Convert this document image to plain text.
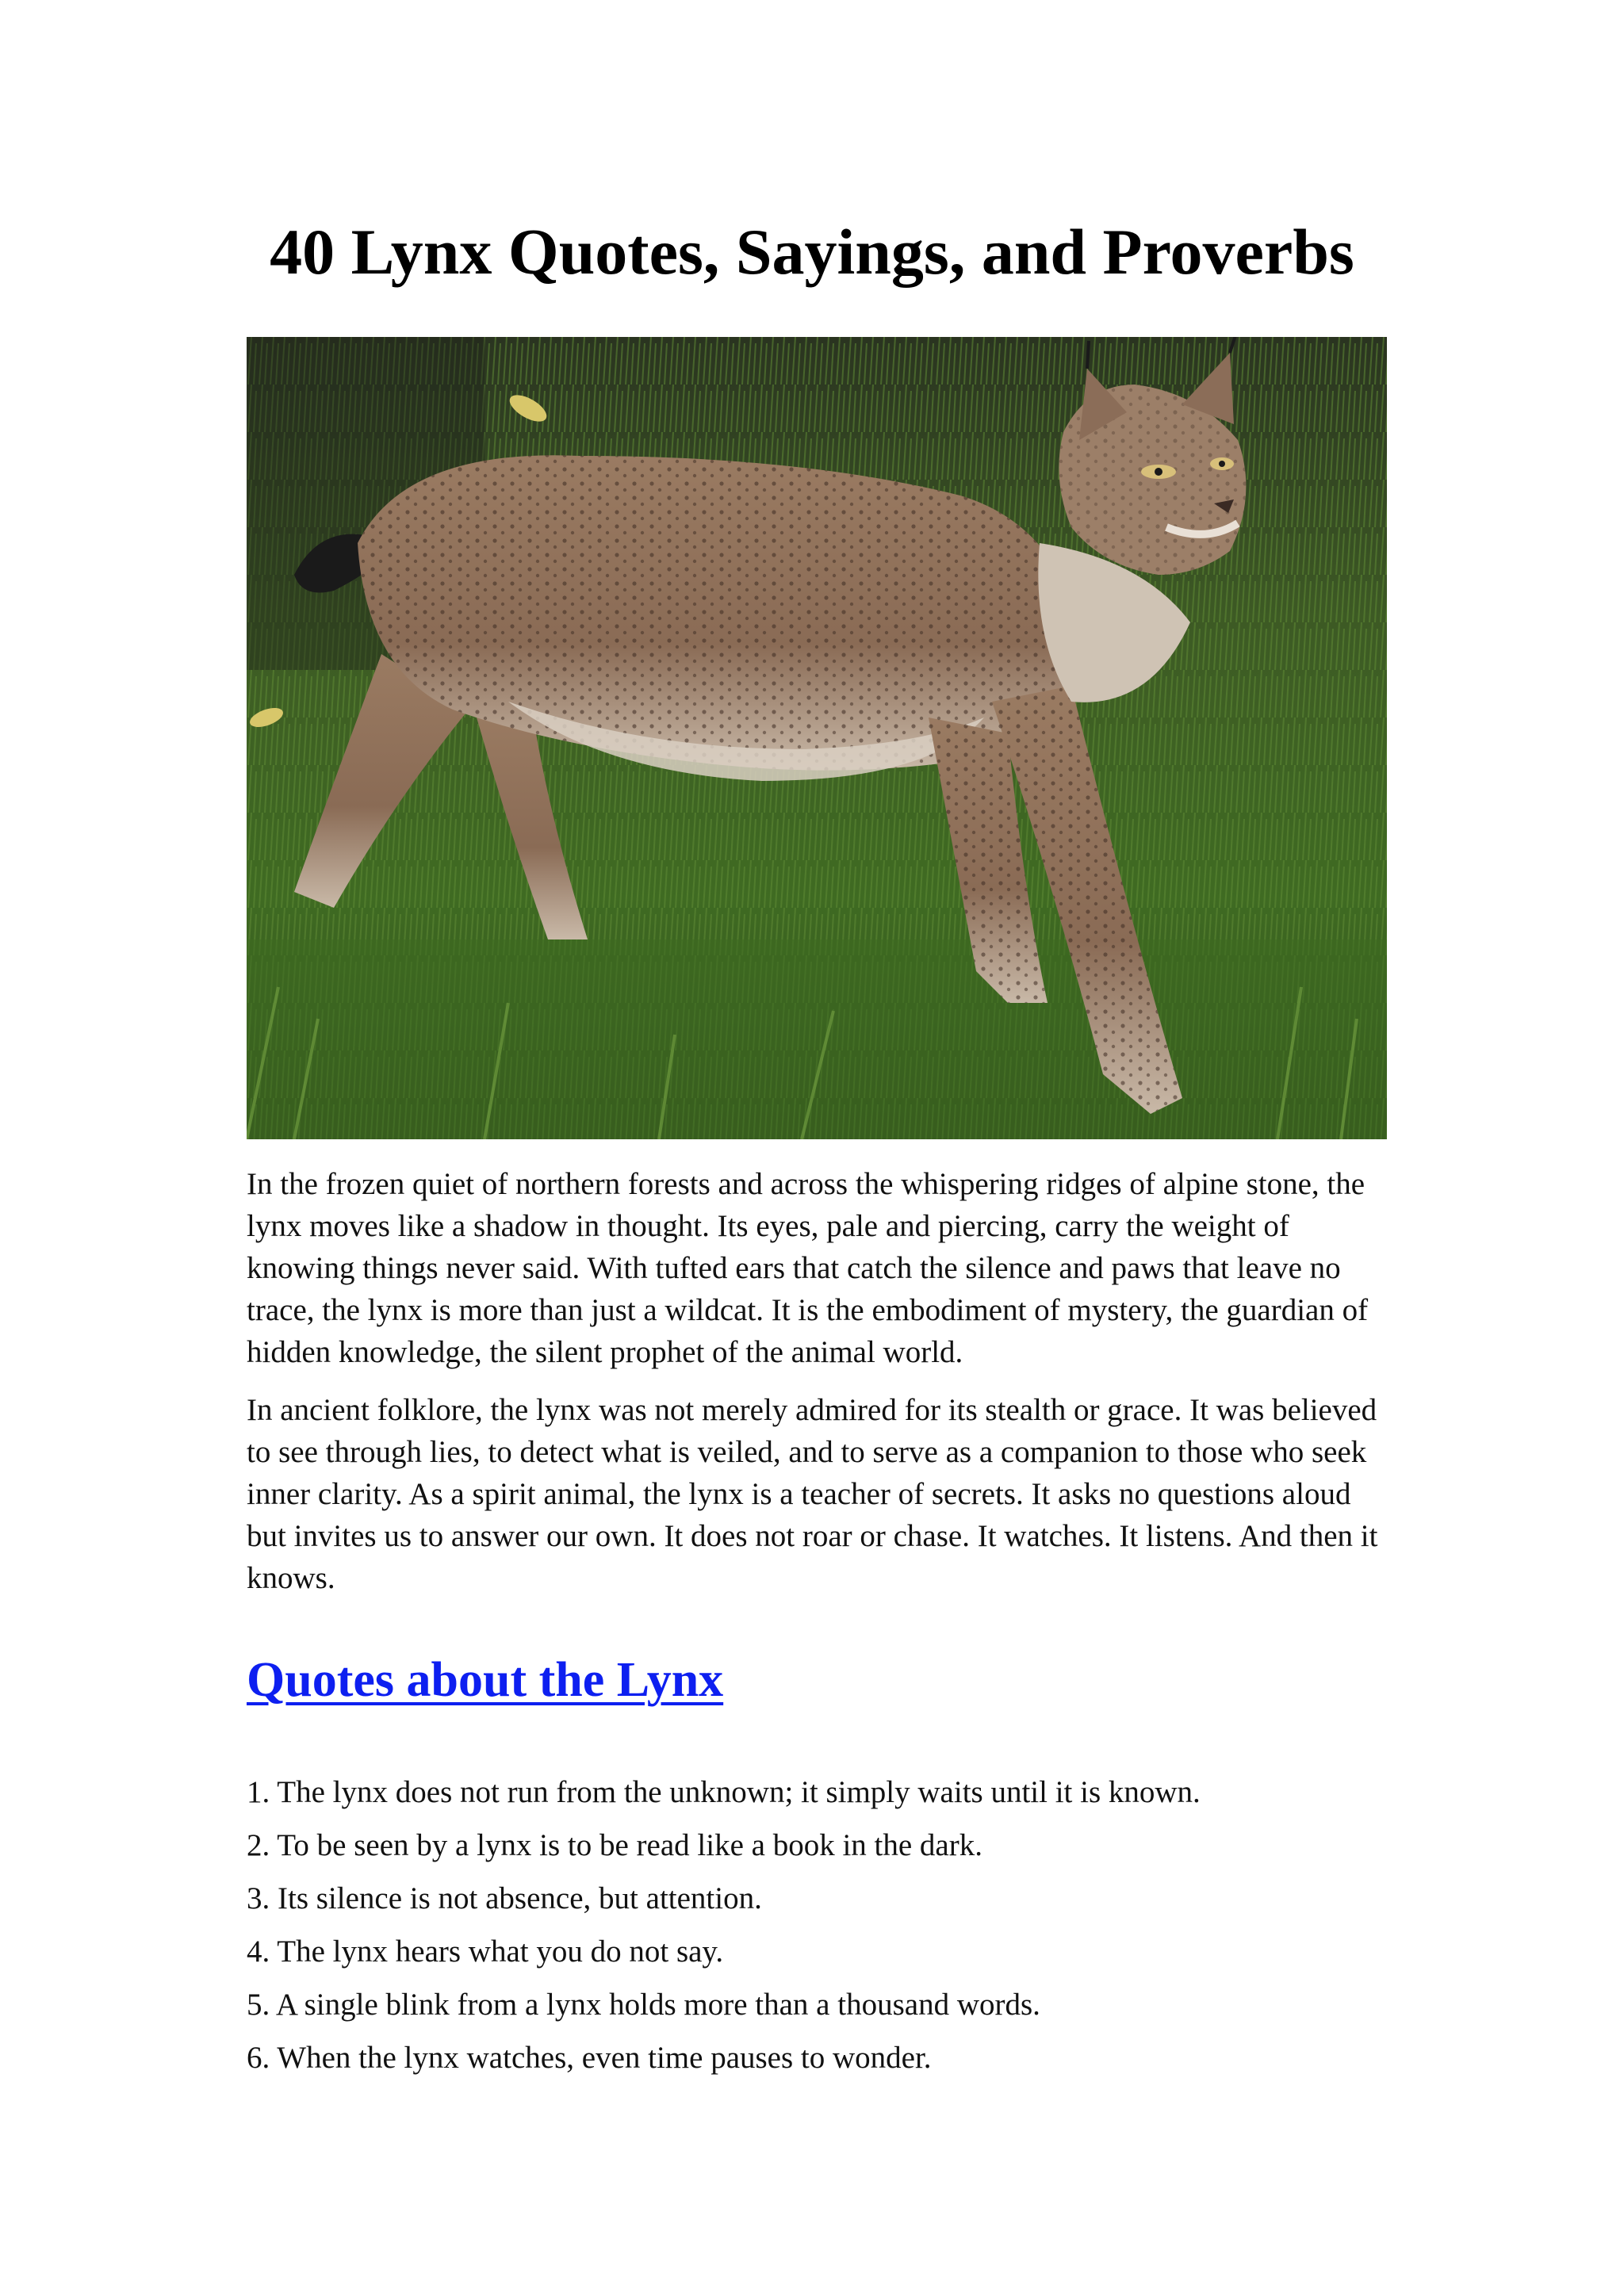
40 Lynx Quotes, Sayings, and Proverbs

In the frozen quiet of northern forests and across the whispering ridges of alpine stone, the lynx moves like a shadow in thought. Its eyes, pale and piercing, carry the weight of knowing things never said. With tufted ears that catch the silence and paws that leave no trace, the lynx is more than just a wildcat. It is the embodiment of mystery, the guardian of hidden knowledge, the silent prophet of the animal world.

In ancient folklore, the lynx was not merely admired for its stealth or grace. It was believed to see through lies, to detect what is veiled, and to serve as a companion to those who seek inner clarity. As a spirit animal, the lynx is a teacher of secrets. It asks no questions aloud but invites us to answer our own. It does not roar or chase. It watches. It listens. And then it knows.

Quotes about the Lynx
1. The lynx does not run from the unknown; it simply waits until it is known.
2. To be seen by a lynx is to be read like a book in the dark.
3. Its silence is not absence, but attention.
4. The lynx hears what you do not say.
5. A single blink from a lynx holds more than a thousand words.
6. When the lynx watches, even time pauses to wonder.
